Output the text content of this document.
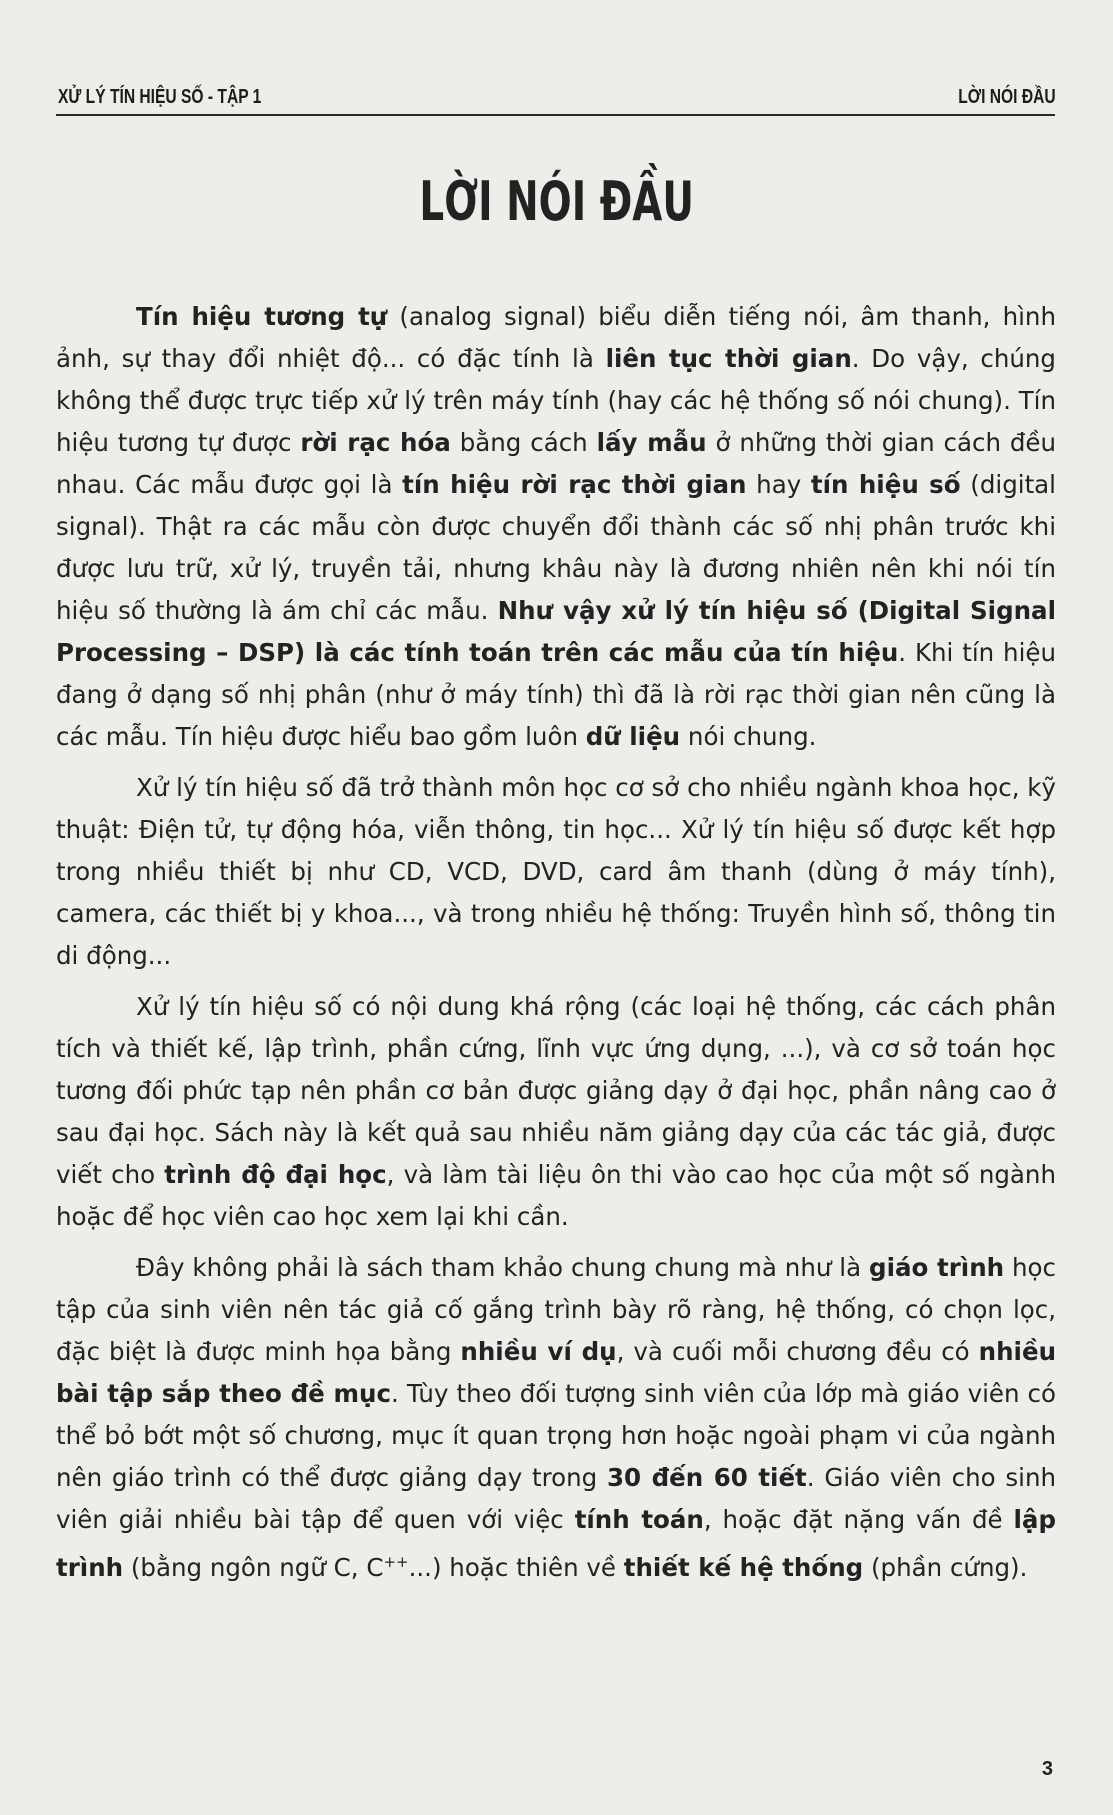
XỬ LÝ TÍN HIỆU SỐ - TẬP 1	LỜI NÓI ĐẦU
LỜI NÓI ĐẦU

Tín hiệu tương tự (analog signal) biểu diễn tiếng nói, âm thanh, hình ảnh, sự thay đổi nhiệt độ... có đặc tính là liên tục thời gian. Do vậy, chúng không thể được trực tiếp xử lý trên máy tính (hay các hệ thống số nói chung). Tín hiệu tương tự được rời rạc hóa bằng cách lấy mẫu ở những thời gian cách đều nhau. Các mẫu được gọi là tín hiệu rời rạc thời gian hay tín hiệu số (digital signal). Thật ra các mẫu còn được chuyển đổi thành các số nhị phân trước khi được lưu trữ, xử lý, truyền tải, nhưng khâu này là đương nhiên nên khi nói tín hiệu số thường là ám chỉ các mẫu. Như vậy xử lý tín hiệu số (Digital Signal Processing – DSP) là các tính toán trên các mẫu của tín hiệu. Khi tín hiệu đang ở dạng số nhị phân (như ở máy tính) thì đã là rời rạc thời gian nên cũng là các mẫu. Tín hiệu được hiểu bao gồm luôn dữ liệu nói chung.

Xử lý tín hiệu số đã trở thành môn học cơ sở cho nhiều ngành khoa học, kỹ thuật: Điện tử, tự động hóa, viễn thông, tin học... Xử lý tín hiệu số được kết hợp trong nhiều thiết bị như CD, VCD, DVD, card âm thanh (dùng ở máy tính), camera, các thiết bị y khoa..., và trong nhiều hệ thống: Truyền hình số, thông tin di động...

Xử lý tín hiệu số có nội dung khá rộng (các loại hệ thống, các cách phân tích và thiết kế, lập trình, phần cứng, lĩnh vực ứng dụng, ...), và cơ sở toán học tương đối phức tạp nên phần cơ bản được giảng dạy ở đại học, phần nâng cao ở sau đại học. Sách này là kết quả sau nhiều năm giảng dạy của các tác giả, được viết cho trình độ đại học, và làm tài liệu ôn thi vào cao học của một số ngành hoặc để học viên cao học xem lại khi cần.

Đây không phải là sách tham khảo chung chung mà như là giáo trình học tập của sinh viên nên tác giả cố gắng trình bày rõ ràng, hệ thống, có chọn lọc, đặc biệt là được minh họa bằng nhiều ví dụ, và cuối mỗi chương đều có nhiều bài tập sắp theo đề mục. Tùy theo đối tượng sinh viên của lớp mà giáo viên có thể bỏ bớt một số chương, mục ít quan trọng hơn hoặc ngoài phạm vi của ngành nên giáo trình có thể được giảng dạy trong 30 đến 60 tiết. Giáo viên cho sinh viên giải nhiều bài tập để quen với việc tính toán, hoặc đặt nặng vấn đề lập trình (bằng ngôn ngữ C, C++...) hoặc thiên về thiết kế hệ thống (phần cứng).

3
